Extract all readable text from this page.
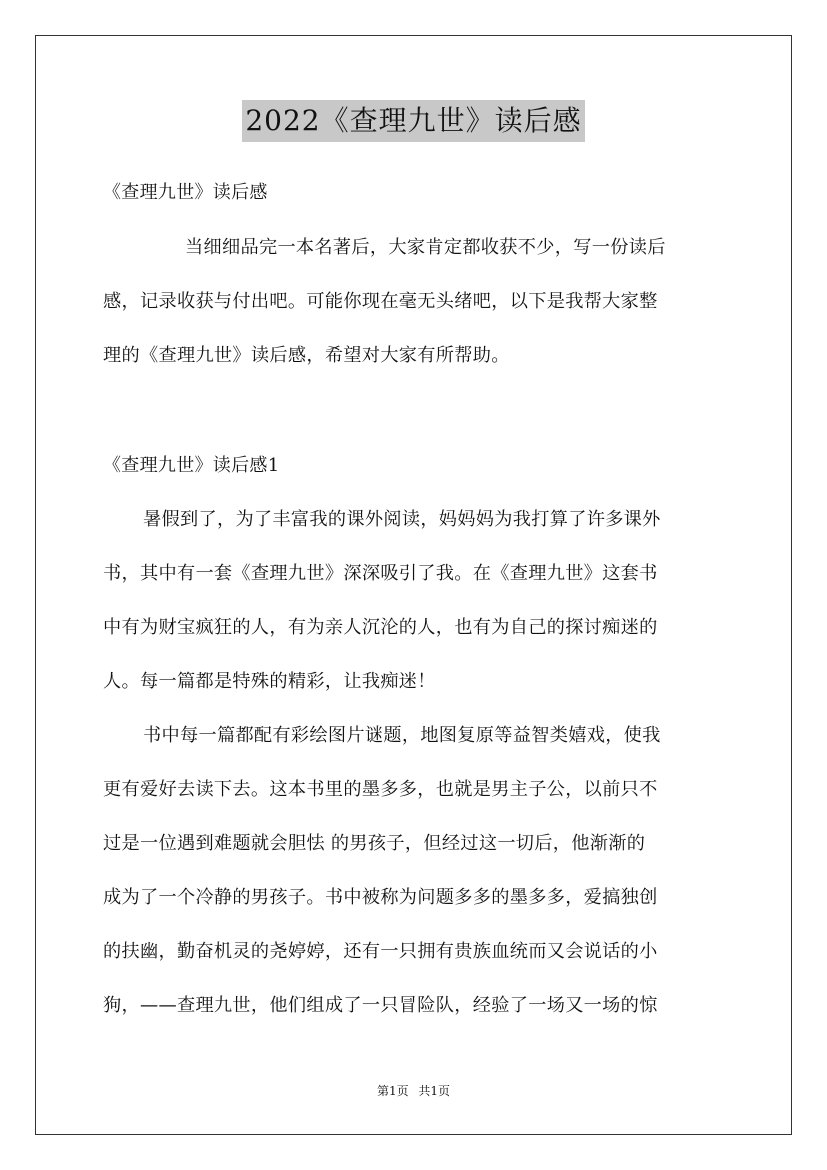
2022《查理九世》读后感
《查理九世》读后感
当细细品完一本名著后，大家肯定都收获不少，写一份读后
感，记录收获与付出吧。可能你现在毫无头绪吧，以下是我帮大家整
理的《查理九世》读后感，希望对大家有所帮助。
《查理九世》读后感1
暑假到了，为了丰富我的课外阅读，妈妈妈为我打算了许多课外
书，其中有一套《查理九世》深深吸引了我。在《查理九世》这套书
中有为财宝疯狂的人，有为亲人沉沦的人，也有为自己的探讨痴迷的
人。每一篇都是特殊的精彩，让我痴迷！
书中每一篇都配有彩绘图片谜题，地图复原等益智类嬉戏，使我
更有爱好去读下去。这本书里的墨多多，也就是男主子公，以前只不
过是一位遇到难题就会胆怯 的男孩子，但经过这一切后，他渐渐的
成为了一个冷静的男孩子。书中被称为问题多多的墨多多，爱搞独创
的扶幽，勤奋机灵的尧婷婷，还有一只拥有贵族血统而又会说话的小
狗，——查理九世，他们组成了一只冒险队，经验了一场又一场的惊
第1页 共1页
